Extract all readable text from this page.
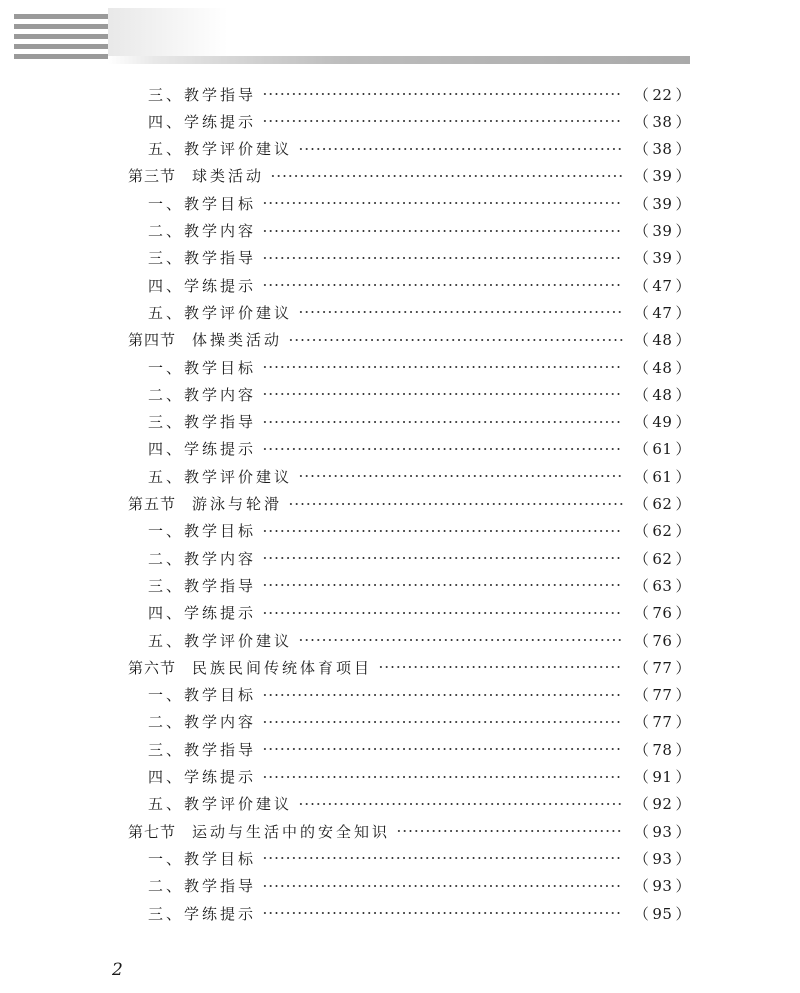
三、教学指导	（ 22 ）
四、学练提示	（ 38 ）
五、教学评价建议	（ 38 ）
第三节 球类活动	（ 39 ）
一、教学目标	（ 39 ）
二、教学内容	（ 39 ）
三、教学指导	（ 39 ）
四、学练提示	（ 47 ）
五、教学评价建议	（ 47 ）
第四节 体操类活动	（ 48 ）
一、教学目标	（ 48 ）
二、教学内容	（ 48 ）
三、教学指导	（ 49 ）
四、学练提示	（ 61 ）
五、教学评价建议	（ 61 ）
第五节 游泳与轮滑	（ 62 ）
一、教学目标	（ 62 ）
二、教学内容	（ 62 ）
三、教学指导	（ 63 ）
四、学练提示	（ 76 ）
五、教学评价建议	（ 76 ）
第六节 民族民间传统体育项目	（ 77 ）
一、教学目标	（ 77 ）
二、教学内容	（ 77 ）
三、教学指导	（ 78 ）
四、学练提示	（ 91 ）
五、教学评价建议	（ 92 ）
第七节 运动与生活中的安全知识	（ 93 ）
一、教学目标	（ 93 ）
二、教学指导	（ 93 ）
三、学练提示	（ 95 ）
2
